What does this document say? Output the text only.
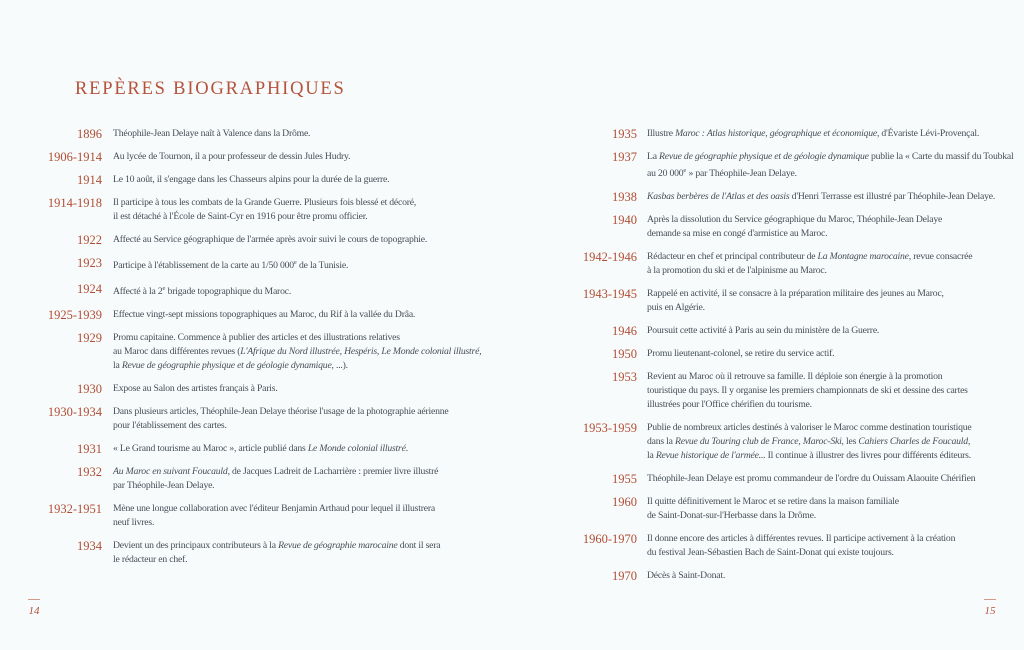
REPÈRES BIOGRAPHIQUES
1896 Théophile-Jean Delaye naît à Valence dans la Drôme.
1906-1914 Au lycée de Tournon, il a pour professeur de dessin Jules Hudry.
1914 Le 10 août, il s'engage dans les Chasseurs alpins pour la durée de la guerre.
1914-1918 Il participe à tous les combats de la Grande Guerre. Plusieurs fois blessé et décoré,
il est détaché à l'École de Saint-Cyr en 1916 pour être promu officier.
1922 Affecté au Service géographique de l'armée après avoir suivi le cours de topographie.
1923 Participe à l'établissement de la carte au 1/50 000e de la Tunisie.
1924 Affecté à la 2e brigade topographique du Maroc.
1925-1939 Effectue vingt-sept missions topographiques au Maroc, du Rif à la vallée du Drâa.
1929 Promu capitaine. Commence à publier des articles et des illustrations relatives
au Maroc dans différentes revues (L'Afrique du Nord illustrée, Hespéris, Le Monde colonial illustré,
la Revue de géographie physique et de géologie dynamique, ...).
1930 Expose au Salon des artistes français à Paris.
1930-1934 Dans plusieurs articles, Théophile-Jean Delaye théorise l'usage de la photographie aérienne
pour l'établissement des cartes.
1931 « Le Grand tourisme au Maroc », article publié dans Le Monde colonial illustré.
1932 Au Maroc en suivant Foucauld, de Jacques Ladreit de Lacharrière : premier livre illustré
par Théophile-Jean Delaye.
1932-1951 Mène une longue collaboration avec l'éditeur Benjamin Arthaud pour lequel il illustrera
neuf livres.
1934 Devient un des principaux contributeurs à la Revue de géographie marocaine dont il sera
le rédacteur en chef.
1935 Illustre Maroc : Atlas historique, géographique et économique, d'Évariste Lévi-Provençal.
1937 La Revue de géographie physique et de géologie dynamique publie la « Carte du massif du Toubkal
au 20 000e » par Théophile-Jean Delaye.
1938 Kasbas berbères de l'Atlas et des oasis d'Henri Terrasse est illustré par Théophile-Jean Delaye.
1940 Après la dissolution du Service géographique du Maroc, Théophile-Jean Delaye
demande sa mise en congé d'armistice au Maroc.
1942-1946 Rédacteur en chef et principal contributeur de La Montagne marocaine, revue consacrée
à la promotion du ski et de l'alpinisme au Maroc.
1943-1945 Rappelé en activité, il se consacre à la préparation militaire des jeunes au Maroc,
puis en Algérie.
1946 Poursuit cette activité à Paris au sein du ministère de la Guerre.
1950 Promu lieutenant-colonel, se retire du service actif.
1953 Revient au Maroc où il retrouve sa famille. Il déploie son énergie à la promotion
touristique du pays. Il y organise les premiers championnats de ski et dessine des cartes
illustrées pour l'Office chérifien du tourisme.
1953-1959 Publie de nombreux articles destinés à valoriser le Maroc comme destination touristique
dans la Revue du Touring club de France, Maroc-Ski, les Cahiers Charles de Foucauld,
la Revue historique de l'armée... Il continue à illustrer des livres pour différents éditeurs.
1955 Théophile-Jean Delaye est promu commandeur de l'ordre du Ouissam Alaouite Chérifien
1960 Il quitte définitivement le Maroc et se retire dans la maison familiale
de Saint-Donat-sur-l'Herbasse dans la Drôme.
1960-1970 Il donne encore des articles à différentes revues. Il participe activement à la création
du festival Jean-Sébastien Bach de Saint-Donat qui existe toujours.
1970 Décès à Saint-Donat.
14	15
